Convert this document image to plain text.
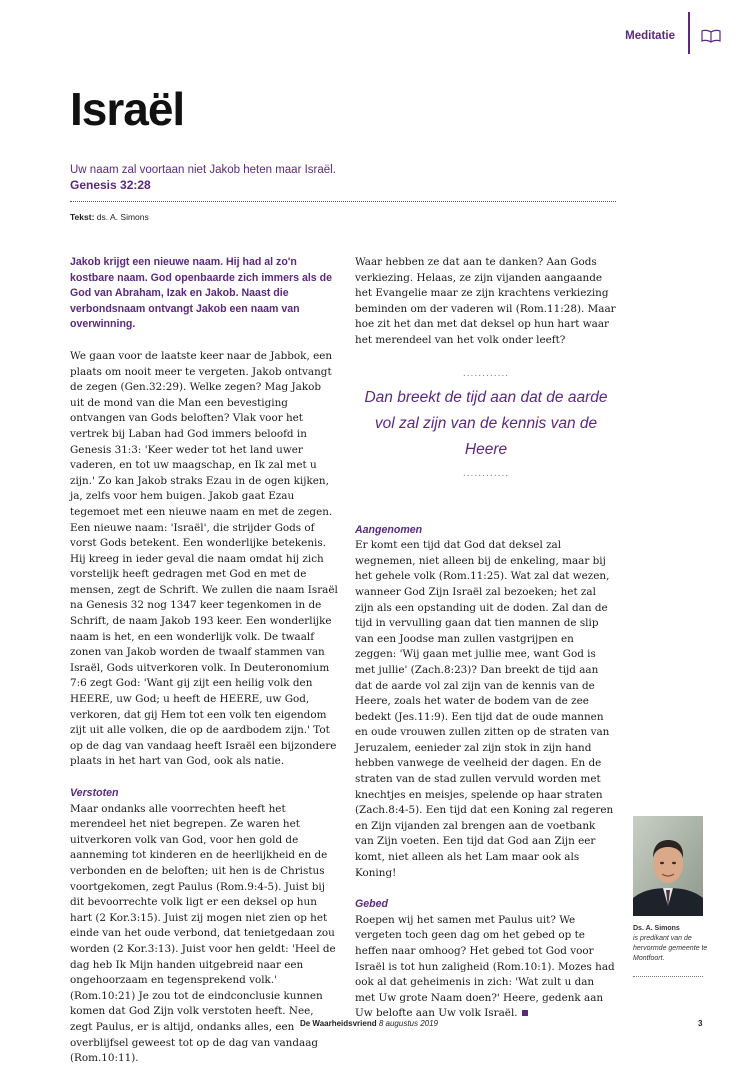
Meditatie
Israël
Uw naam zal voortaan niet Jakob heten maar Israël.
Genesis 32:28
Tekst: ds. A. Simons

Jakob krijgt een nieuwe naam. Hij had al zo'n kostbare naam. God openbaarde zich immers als de God van Abraham, Izak en Jakob. Naast die verbondsnaam ontvangt Jakob een naam van overwinning.

We gaan voor de laatste keer naar de Jabbok, een plaats om nooit meer te vergeten. Jakob ontvangt de zegen (Gen.32:29). Welke zegen? Mag Jakob uit de mond van die Man een bevestiging ontvangen van Gods beloften? Vlak voor het vertrek bij Laban had God immers beloofd in Genesis 31:3: 'Keer weder tot het land uwer vaderen, en tot uw maagschap, en Ik zal met u zijn.' Zo kan Jakob straks Ezau in de ogen kijken, ja, zelfs voor hem buigen. Jakob gaat Ezau tegemoet met een nieuwe naam en met de zegen. Een nieuwe naam: 'Israël', die strijder Gods of vorst Gods betekent. Een wonderlijke betekenis. Hij kreeg in ieder geval die naam omdat hij zich vorstelijk heeft gedragen met God en met de mensen, zegt de Schrift. We zullen die naam Israël na Genesis 32 nog 1347 keer tegenkomen in de Schrift, de naam Jakob 193 keer. Een wonderlijke naam is het, en een wonderlijk volk. De twaalf zonen van Jakob worden de twaalf stammen van Israël, Gods uitverkoren volk. In Deuteronomium 7:6 zegt God: 'Want gij zijt een heilig volk den HEERE, uw God; u heeft de HEERE, uw God, verkoren, dat gij Hem tot een volk ten eigendom zijt uit alle volken, die op de aardbodem zijn.' Tot op de dag van vandaag heeft Israël een bijzondere plaats in het hart van God, ook als natie.

Verstoten

Maar ondanks alle voorrechten heeft het merendeel het niet begrepen. Ze waren het uitverkoren volk van God, voor hen gold de aanneming tot kinderen en de heerlijkheid en de verbonden en de beloften; uit hen is de Christus voortgekomen, zegt Paulus (Rom.9:4-5). Juist bij dit bevoorrechte volk ligt er een deksel op hun hart (2 Kor.3:15). Juist zij mogen niet zien op het einde van het oude verbond, dat tenietgedaan zou worden (2 Kor.3:13). Juist voor hen geldt: 'Heel de dag heb Ik Mijn handen uitgebreid naar een ongehoorzaam en tegensprekend volk.' (Rom.10:21) Je zou tot de eindconclusie kunnen komen dat God Zijn volk verstoten heeft. Nee, zegt Paulus, er is altijd, ondanks alles, een overblijfsel geweest tot op de dag van vandaag (Rom.10:11).

Waar hebben ze dat aan te danken? Aan Gods verkiezing. Helaas, ze zijn vijanden aangaande het Evangelie maar ze zijn krachtens verkiezing beminden om der vaderen wil (Rom.11:28). Maar hoe zit het dan met dat deksel op hun hart waar het merendeel van het volk onder leeft?

............
Dan breekt de tijd aan dat de aarde vol zal zijn van de kennis van de Heere
............
Aangenomen

Er komt een tijd dat God dat deksel zal wegnemen, niet alleen bij de enkeling, maar bij het gehele volk (Rom.11:25). Wat zal dat wezen, wanneer God Zijn Israël zal bezoeken; het zal zijn als een opstanding uit de doden. Zal dan de tijd in vervulling gaan dat tien mannen de slip van een Joodse man zullen vastgrijpen en zeggen: 'Wij gaan met jullie mee, want God is met jullie' (Zach.8:23)? Dan breekt de tijd aan dat de aarde vol zal zijn van de kennis van de Heere, zoals het water de bodem van de zee bedekt (Jes.11:9). Een tijd dat de oude mannen en oude vrouwen zullen zitten op de straten van Jeruzalem, eenieder zal zijn stok in zijn hand hebben vanwege de veelheid der dagen. En de straten van de stad zullen vervuld worden met knechtjes en meisjes, spelende op haar straten (Zach.8:4-5). Een tijd dat een Koning zal regeren en Zijn vijanden zal brengen aan de voetbank van Zijn voeten. Een tijd dat God aan Zijn eer komt, niet alleen als het Lam maar ook als Koning!

Gebed

Roepen wij het samen met Paulus uit? We vergeten toch geen dag om het gebed op te heffen naar omhoog? Het gebed tot God voor Israël is tot hun zaligheid (Rom.10:1). Mozes had ook al dat geheimenis in zich: 'Wat zult u dan met Uw grote Naam doen?' Heere, gedenk aan Uw belofte aan Uw volk Israël.

Ds. A. Simons
is predikant van de hervormde gemeente te Montfoort.
De Waarheidsvriend 8 augustus 2019	3
